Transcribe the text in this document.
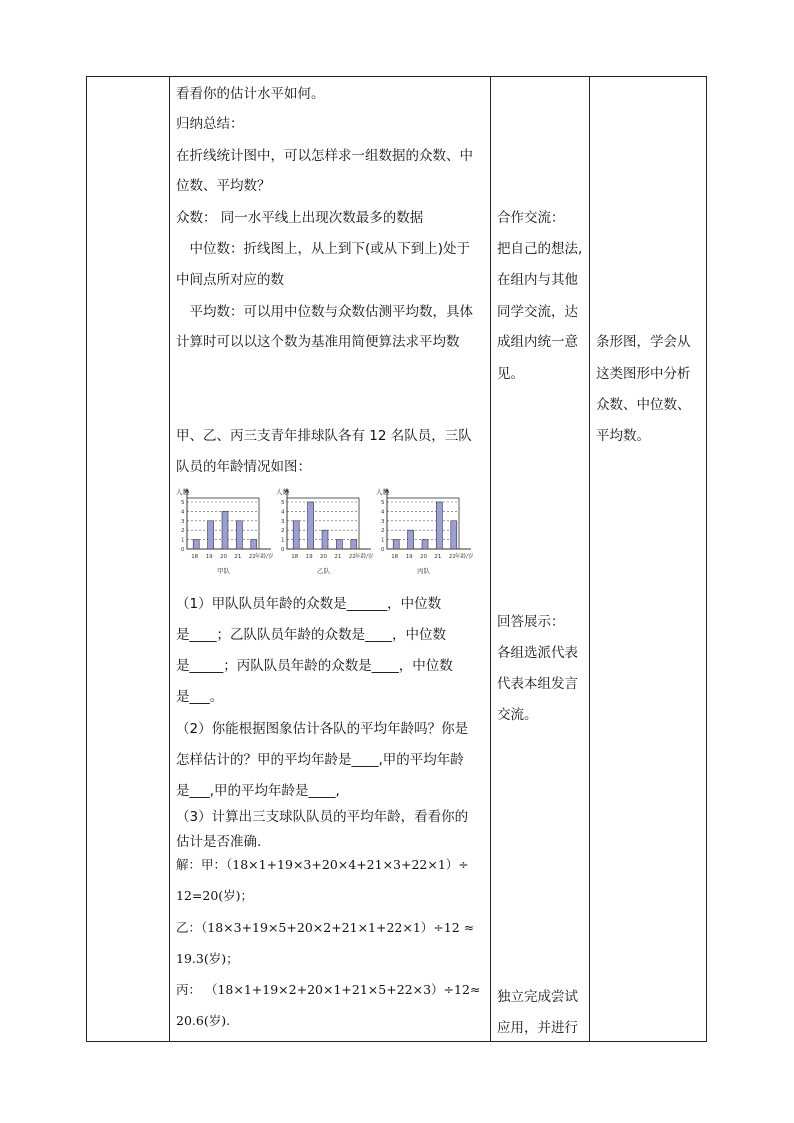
看看你的估计水平如何。
归纳总结：
在折线统计图中，可以怎样求一组数据的众数、中
位数、平均数？
众数： 同一水平线上出现次数最多的数据
　中位数：折线图上，从上到下(或从下到上)处于
中间点所对应的数
　平均数：可以用中位数与众数估测平均数，具体
计算时可以以这个数为基准用简便算法求平均数
甲、乙、丙三支青年排球队各有 12 名队员，三队
队员的年龄情况如图：
人数
0
1
2
3
4
5
18 19 20 21 22 年龄/岁
甲队
人数
0
1
2
3
4
5
18 19 20 21 22 年龄/岁
乙队
人数
0
1
2
3
4
5
18 19 20 21 22 年龄/岁
丙队
（1）甲队队员年龄的众数是______，中位数
是____；乙队队员年龄的众数是____，中位数
是_____；丙队队员年龄的众数是____，中位数
是___。
（2）你能根据图象估计各队的平均年龄吗？你是
怎样估计的？甲的平均年龄是____,甲的平均年龄
是___,甲的平均年龄是____,
（3）计算出三支球队队员的平均年龄，看看你的
估计是否准确.
解：甲：（18×1+19×3+20×4+21×3+22×1）÷
12=20(岁)；
乙：（18×3+19×5+20×2+21×1+22×1）÷12 ≈
19.3(岁)；
丙： （18×1+19×2+20×1+21×5+22×3）÷12≈
20.6(岁).
合作交流：
把自己的想法,
在组内与其他
同学交流，达
成组内统一意
见。
回答展示：
各组选派代表
代表本组发言
交流。
独立完成尝试
应用，并进行
条形图，学会从
这类图形中分析
众数、中位数、
平均数。
